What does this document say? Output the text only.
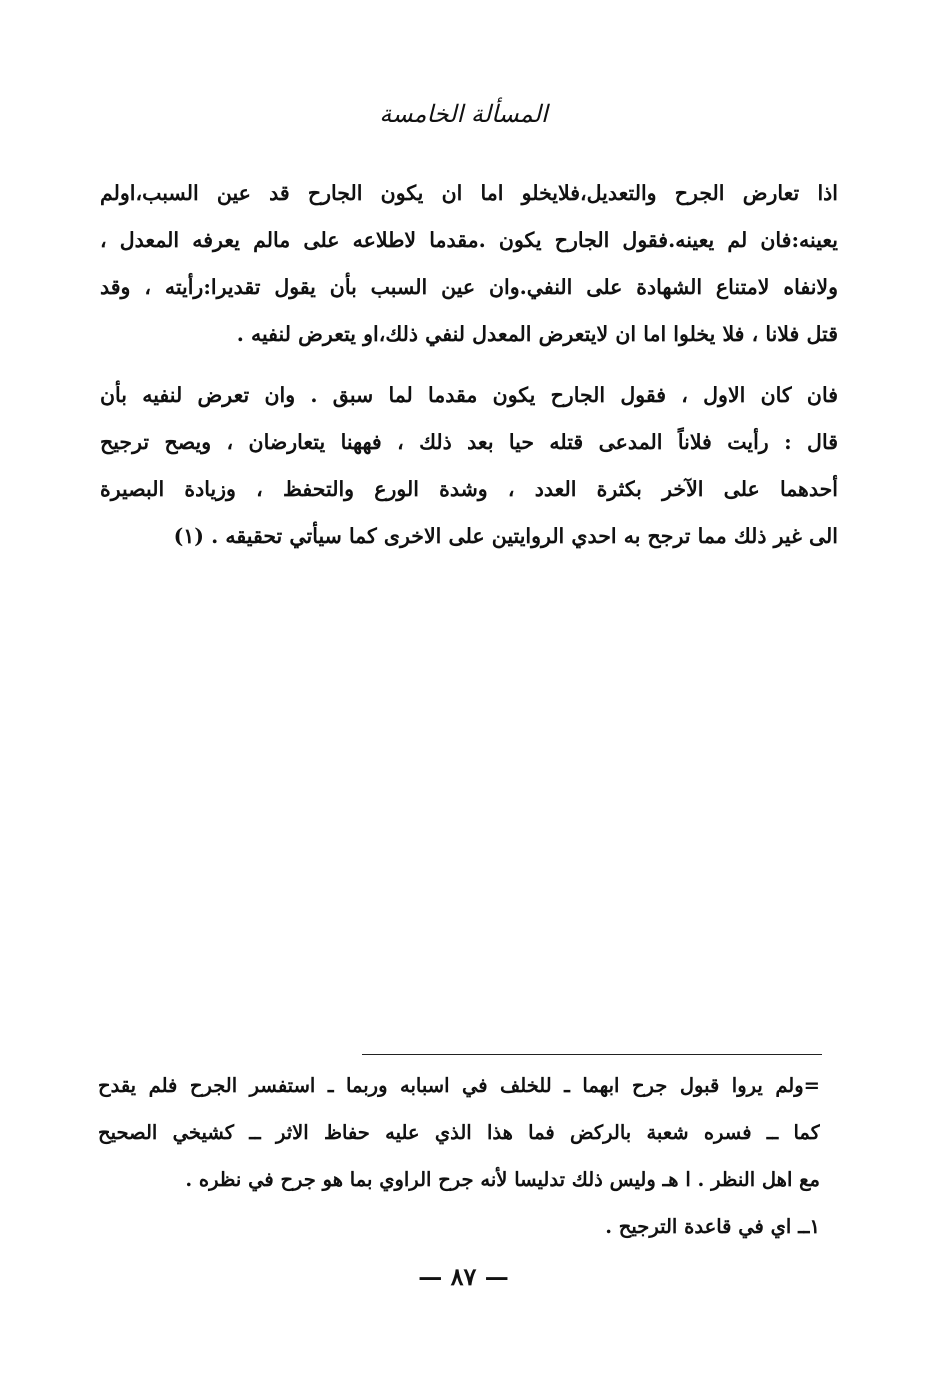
المسألة الخامسة
اذا تعارض الجرح والتعديل،فلايخلو اما ان يكون الجارح قد عين السبب،اولم
يعينه:فان لم يعينه.فقول الجارح يكون .مقدما لاطلاعه على مالم يعرفه المعدل ،
ولانفاه لامتناع الشهادة على النفي.وان عين السبب بأن يقول تقديرا:رأيته ، وقد
قتل فلانا ، فلا يخلوا اما ان لايتعرض المعدل لنفي ذلك،او يتعرض لنفيه .
فان كان الاول ، فقول الجارح يكون مقدما لما سبق . وان تعرض لنفيه بأن
قال : رأيت فلاناً المدعى قتله حيا بعد ذلك ، فههنا يتعارضان ، ويصح ترجيح
أحدهما على الآخر بكثرة العدد ، وشدة الورع والتحفظ ، وزيادة البصيرة
الى غير ذلك مما ترجح به احدي الروايتين على الاخرى كما سيأتي تحقيقه . (١)
=ولم يروا قبول جرح ابهما ـ للخلف في اسبابه وربما ـ استفسر الجرح فلم يقدح
كما ــ فسره شعبة بالركض فما هذا الذي عليه حفاظ الاثر ــ كشيخي الصحيح
مع اهل النظر . ا هـ وليس ذلك تدليسا لأنه جرح الراوي بما هو جرح في نظره .
١ــ اي في قاعدة الترجيح .
— ٨٧ —
